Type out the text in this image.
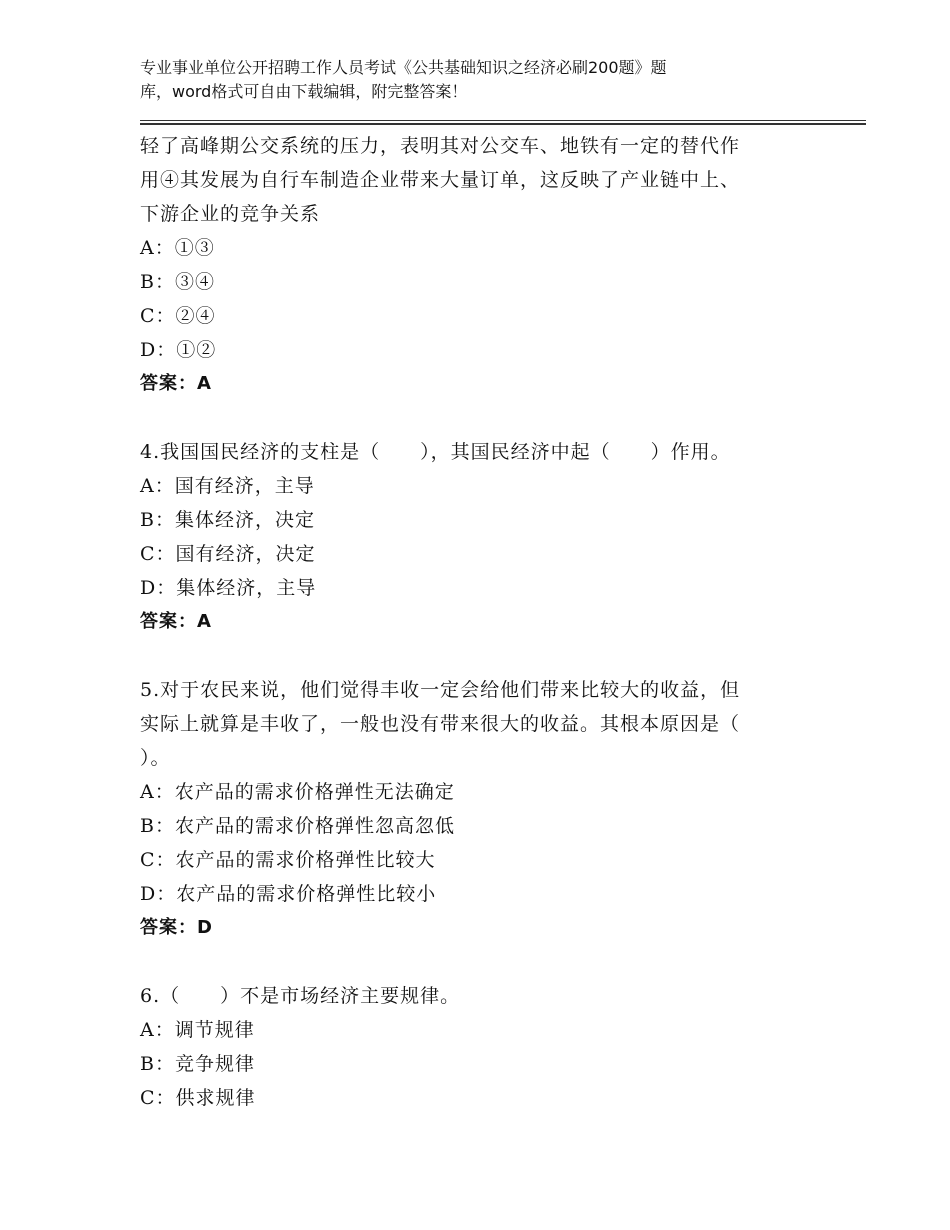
专业事业单位公开招聘工作人员考试《公共基础知识之经济必刷200题》题
库，word格式可自由下载编辑，附完整答案！
轻了高峰期公交系统的压力，表明其对公交车、地铁有一定的替代作
用④其发展为自行车制造企业带来大量订单，这反映了产业链中上、
下游企业的竞争关系
A：①③
B：③④
C：②④
D：①②
答案：A
4.我国国民经济的支柱是（　　），其国民经济中起（　　）作用。
A：国有经济，主导
B：集体经济，决定
C：国有经济，决定
D：集体经济，主导
答案：A
5.对于农民来说，他们觉得丰收一定会给他们带来比较大的收益，但
实际上就算是丰收了，一般也没有带来很大的收益。其根本原因是（
）。
A：农产品的需求价格弹性无法确定
B：农产品的需求价格弹性忽高忽低
C：农产品的需求价格弹性比较大
D：农产品的需求价格弹性比较小
答案：D
6.（　　）不是市场经济主要规律。
A：调节规律
B：竞争规律
C：供求规律
